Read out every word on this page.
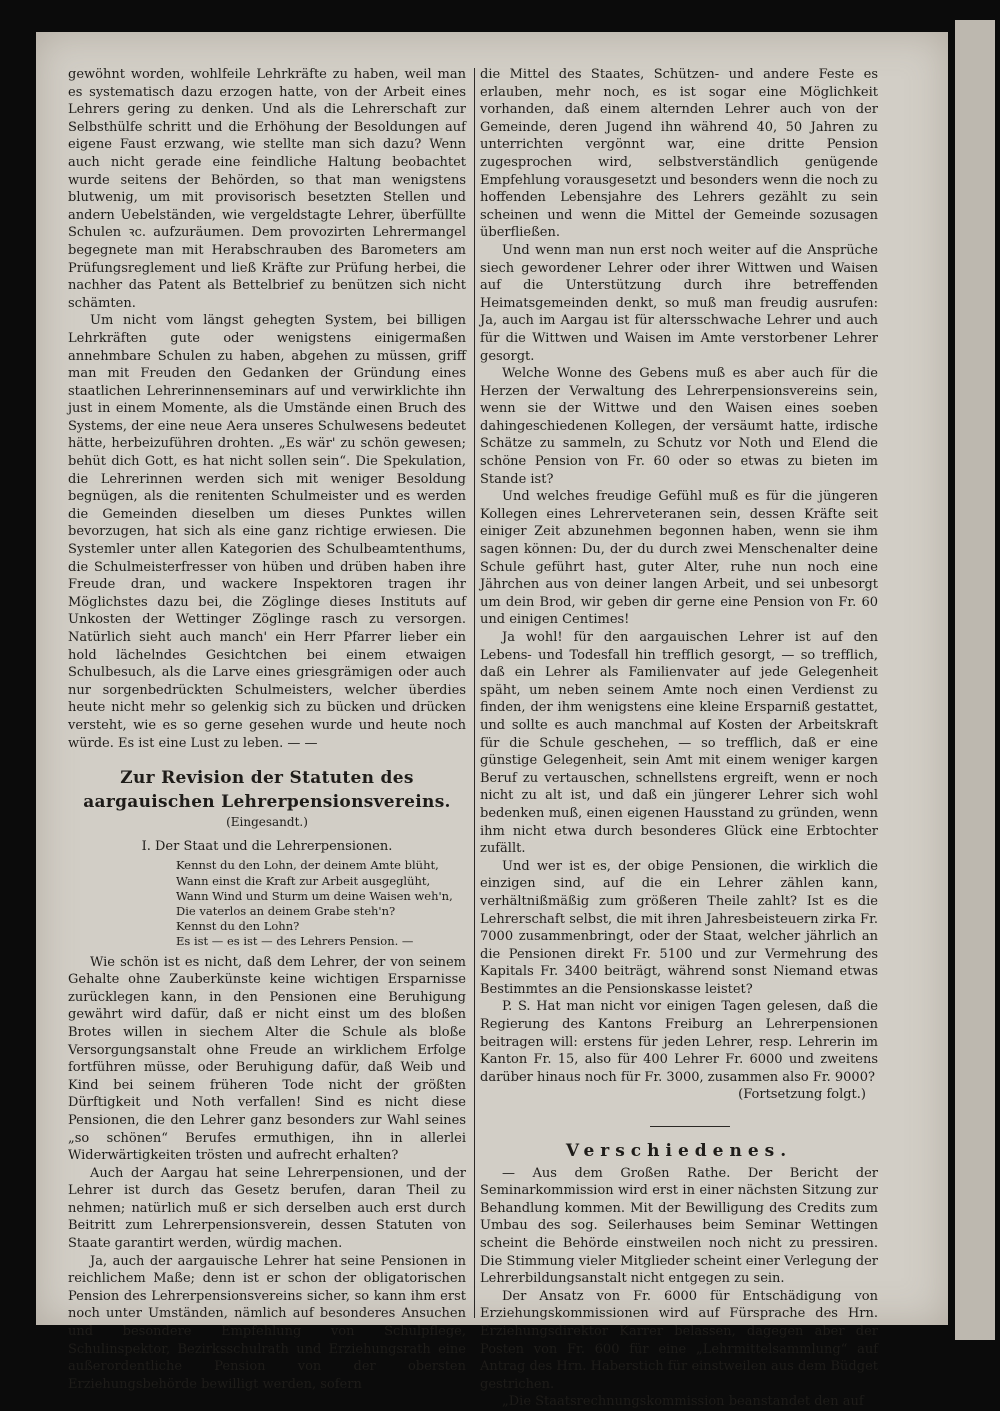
gewöhnt worden, wohlfeile Lehrkräfte zu haben, weil man es systematisch dazu erzogen hatte, von der Arbeit eines Lehrers gering zu denken. Und als die Lehrerschaft zur Selbsthülfe schritt und die Erhöhung der Besoldungen auf eigene Faust erzwang, wie stellte man sich dazu? Wenn auch nicht gerade eine feindliche Haltung beobachtet wurde seitens der Behörden, so that man wenigstens blutwenig, um mit provisorisch besetzten Stellen und andern Uebelständen, wie vergeldstagte Lehrer, überfüllte Schulen ꝛc. aufzuräumen. Dem provozirten Lehrermangel begegnete man mit Herabschrauben des Barometers am Prüfungsreglement und ließ Kräfte zur Prüfung herbei, die nachher das Patent als Bettelbrief zu benützen sich nicht schämten.

Um nicht vom längst gehegten System, bei billigen Lehrkräften gute oder wenigstens einigermaßen annehmbare Schulen zu haben, abgehen zu müssen, griff man mit Freuden den Gedanken der Gründung eines staatlichen Lehrerinnenseminars auf und verwirklichte ihn just in einem Momente, als die Umstände einen Bruch des Systems, der eine neue Aera unseres Schulwesens bedeutet hätte, herbeizuführen drohten. „Es wär' zu schön gewesen; behüt dich Gott, es hat nicht sollen sein“. Die Spekulation, die Lehrerinnen werden sich mit weniger Besoldung begnügen, als die renitenten Schulmeister und es werden die Gemeinden dieselben um dieses Punktes willen bevorzugen, hat sich als eine ganz richtige erwiesen. Die Systemler unter allen Kategorien des Schulbeamtenthums, die Schulmeisterfresser von hüben und drüben haben ihre Freude dran, und wackere Inspektoren tragen ihr Möglichstes dazu bei, die Zöglinge dieses Instituts auf Unkosten der Wettinger Zöglinge rasch zu versorgen. Natürlich sieht auch manch' ein Herr Pfarrer lieber ein hold lächelndes Gesichtchen bei einem etwaigen Schulbesuch, als die Larve eines griesgrämigen oder auch nur sorgenbedrückten Schulmeisters, welcher überdies heute nicht mehr so gelenkig sich zu bücken und drücken versteht, wie es so gerne gesehen wurde und heute noch würde. Es ist eine Lust zu leben. — —

Zur Revision der Statuten des aargauischen Lehrerpensionsvereins.
(Eingesandt.)
I. Der Staat und die Lehrerpensionen.
Kennst du den Lohn, der deinem Amte blüht,
Wann einst die Kraft zur Arbeit ausgeglüht,
Wann Wind und Sturm um deine Waisen weh'n,
Die vaterlos an deinem Grabe steh'n?
Kennst du den Lohn?
Es ist — es ist — des Lehrers Pension. —

Wie schön ist es nicht, daß dem Lehrer, der von seinem Gehalte ohne Zauberkünste keine wichtigen Ersparnisse zurücklegen kann, in den Pensionen eine Beruhigung gewährt wird dafür, daß er nicht einst um des bloßen Brotes willen in siechem Alter die Schule als bloße Versorgungsanstalt ohne Freude an wirklichem Erfolge fortführen müsse, oder Beruhigung dafür, daß Weib und Kind bei seinem früheren Tode nicht der größten Dürftigkeit und Noth verfallen! Sind es nicht diese Pensionen, die den Lehrer ganz besonders zur Wahl seines „so schönen“ Berufes ermuthigen, ihn in allerlei Widerwärtigkeiten trösten und aufrecht erhalten?

Auch der Aargau hat seine Lehrerpensionen, und der Lehrer ist durch das Gesetz berufen, daran Theil zu nehmen; natürlich muß er sich derselben auch erst durch Beitritt zum Lehrerpensionsverein, dessen Statuten von Staate garantirt werden, würdig machen.

Ja, auch der aargauische Lehrer hat seine Pensionen in reichlichem Maße; denn ist er schon der obligatorischen Pension des Lehrerpensionsvereins sicher, so kann ihm erst noch unter Umständen, nämlich auf besonderes Ansuchen und besondere Empfehlung von Schulpflege, Schulinspektor, Bezirksschulrath und Erziehungsrath eine außerordentliche Pension von der obersten Erziehungsbehörde bewilligt werden, sofern

die Mittel des Staates, Schützen- und andere Feste es erlauben, mehr noch, es ist sogar eine Möglichkeit vorhanden, daß einem alternden Lehrer auch von der Gemeinde, deren Jugend ihn während 40, 50 Jahren zu unterrichten vergönnt war, eine dritte Pension zugesprochen wird, selbstverständlich genügende Empfehlung vorausgesetzt und besonders wenn die noch zu hoffenden Lebensjahre des Lehrers gezählt zu sein scheinen und wenn die Mittel der Gemeinde sozusagen überfließen.

Und wenn man nun erst noch weiter auf die Ansprüche siech gewordener Lehrer oder ihrer Wittwen und Waisen auf die Unterstützung durch ihre betreffenden Heimatsgemeinden denkt, so muß man freudig ausrufen: Ja, auch im Aargau ist für altersschwache Lehrer und auch für die Wittwen und Waisen im Amte verstorbener Lehrer gesorgt.

Welche Wonne des Gebens muß es aber auch für die Herzen der Verwaltung des Lehrerpensionsvereins sein, wenn sie der Wittwe und den Waisen eines soeben dahingeschiedenen Kollegen, der versäumt hatte, irdische Schätze zu sammeln, zu Schutz vor Noth und Elend die schöne Pension von Fr. 60 oder so etwas zu bieten im Stande ist?

Und welches freudige Gefühl muß es für die jüngeren Kollegen eines Lehrerveteranen sein, dessen Kräfte seit einiger Zeit abzunehmen begonnen haben, wenn sie ihm sagen können: Du, der du durch zwei Menschenalter deine Schule geführt hast, guter Alter, ruhe nun noch eine Jährchen aus von deiner langen Arbeit, und sei unbesorgt um dein Brod, wir geben dir gerne eine Pension von Fr. 60 und einigen Centimes!

Ja wohl! für den aargauischen Lehrer ist auf den Lebens- und Todesfall hin trefflich gesorgt, — so trefflich, daß ein Lehrer als Familienvater auf jede Gelegenheit späht, um neben seinem Amte noch einen Verdienst zu finden, der ihm wenigstens eine kleine Ersparniß gestattet, und sollte es auch manchmal auf Kosten der Arbeitskraft für die Schule geschehen, — so trefflich, daß er eine günstige Gelegenheit, sein Amt mit einem weniger kargen Beruf zu vertauschen, schnellstens ergreift, wenn er noch nicht zu alt ist, und daß ein jüngerer Lehrer sich wohl bedenken muß, einen eigenen Hausstand zu gründen, wenn ihm nicht etwa durch besonderes Glück eine Erbtochter zufällt.

Und wer ist es, der obige Pensionen, die wirklich die einzigen sind, auf die ein Lehrer zählen kann, verhältnißmäßig zum größeren Theile zahlt? Ist es die Lehrerschaft selbst, die mit ihren Jahresbeisteuern zirka Fr. 7000 zusammenbringt, oder der Staat, welcher jährlich an die Pensionen direkt Fr. 5100 und zur Vermehrung des Kapitals Fr. 3400 beiträgt, während sonst Niemand etwas Bestimmtes an die Pensionskasse leistet?

P. S. Hat man nicht vor einigen Tagen gelesen, daß die Regierung des Kantons Freiburg an Lehrerpensionen beitragen will: erstens für jeden Lehrer, resp. Lehrerin im Kanton Fr. 15, also für 400 Lehrer Fr. 6000 und zweitens darüber hinaus noch für Fr. 3000, zusammen also Fr. 9000?

(Fortsetzung folgt.)
Verschiedenes.

— Aus dem Großen Rathe. Der Bericht der Seminarkommission wird erst in einer nächsten Sitzung zur Behandlung kommen. Mit der Bewilligung des Credits zum Umbau des sog. Seilerhauses beim Seminar Wettingen scheint die Behörde einstweilen noch nicht zu pressiren. Die Stimmung vieler Mitglieder scheint einer Verlegung der Lehrerbildungsanstalt nicht entgegen zu sein.

Der Ansatz von Fr. 6000 für Entschädigung von Erziehungskommissionen wird auf Fürsprache des Hrn. Erziehungsdirektor Karrer belassen, dagegen aber der Posten von Fr. 600 für eine „Lehrmittelsammlung“ auf Antrag des Hrn. Haberstich für einstweilen aus dem Büdget gestrichen.

„Die Staatsrechnungskommission beanstandet den auf
